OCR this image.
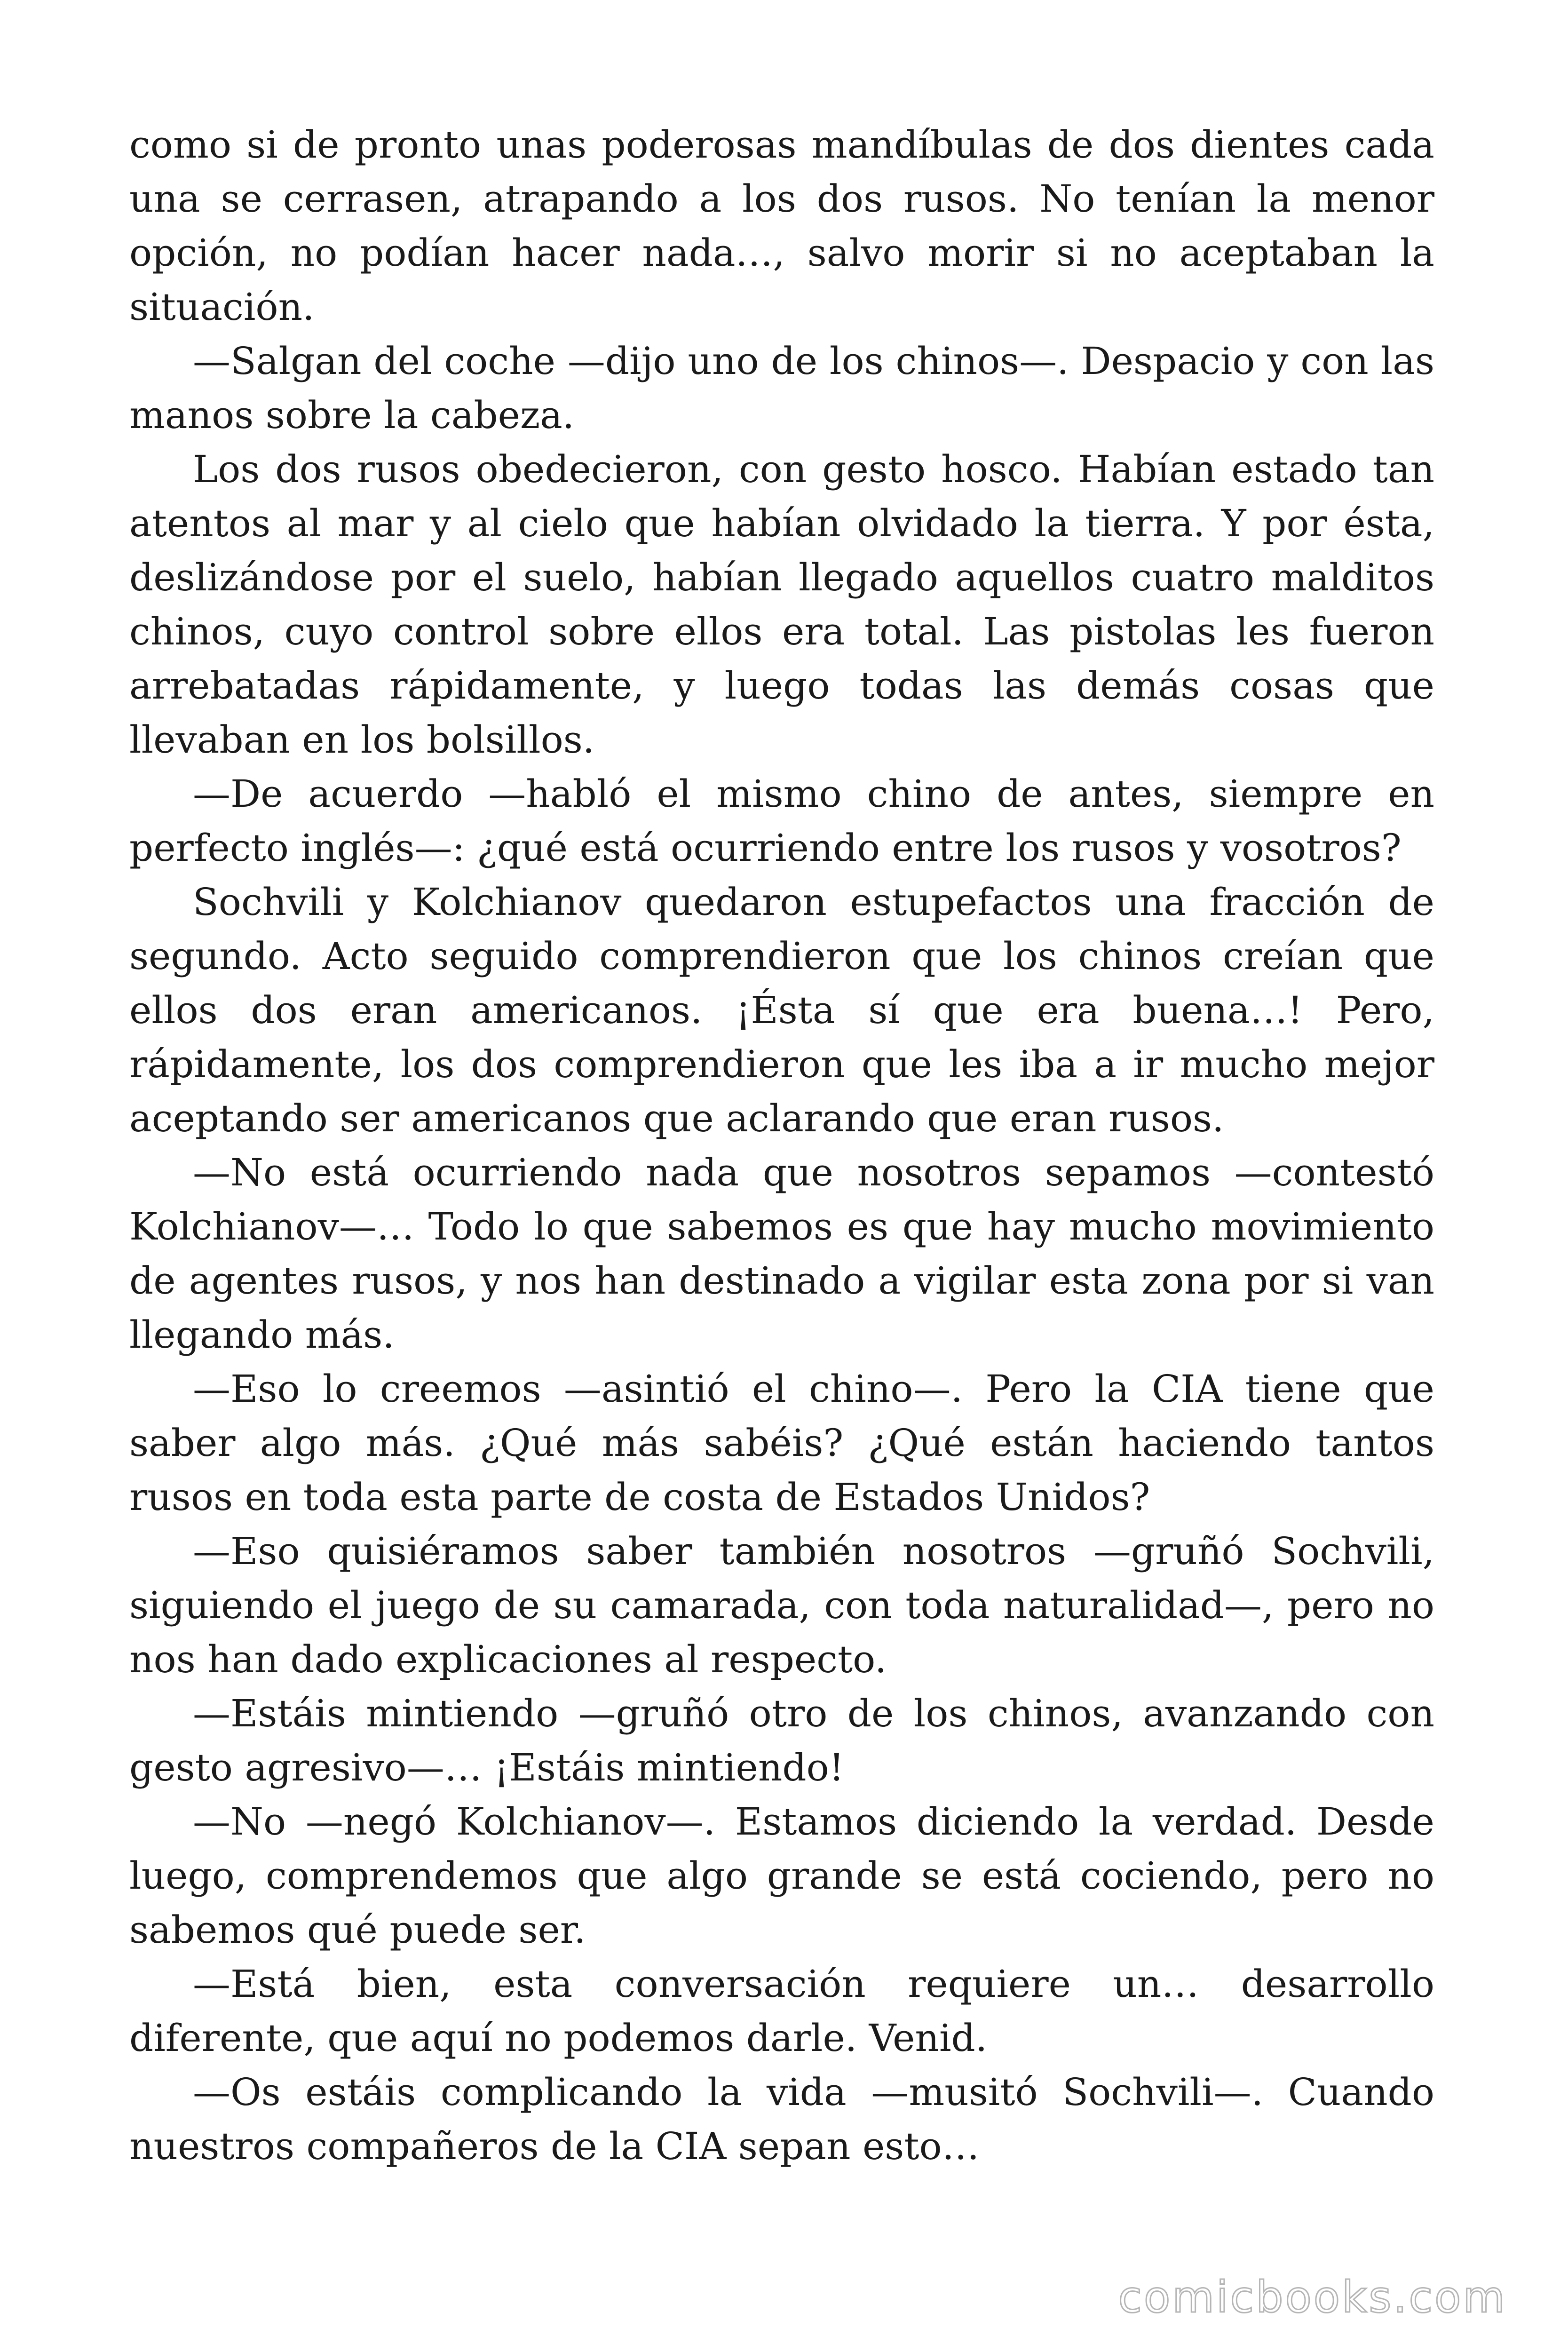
como si de pronto unas poderosas mandíbulas de dos dientes cada una se cerrasen, atrapando a los dos rusos. No tenían la menor opción, no podían hacer nada…, salvo morir si no aceptaban la situación.

—Salgan del coche —dijo uno de los chinos—. Despacio y con las manos sobre la cabeza.

Los dos rusos obedecieron, con gesto hosco. Habían estado tan atentos al mar y al cielo que habían olvidado la tierra. Y por ésta, deslizándose por el suelo, habían llegado aquellos cuatro malditos chinos, cuyo control sobre ellos era total. Las pistolas les fueron arrebatadas rápidamente, y luego todas las demás cosas que llevaban en los bolsillos.

—De acuerdo —habló el mismo chino de antes, siempre en perfecto inglés—: ¿qué está ocurriendo entre los rusos y vosotros?

Sochvili y Kolchianov quedaron estupefactos una fracción de segundo. Acto seguido comprendieron que los chinos creían que ellos dos eran americanos. ¡Ésta sí que era buena…! Pero, rápidamente, los dos comprendieron que les iba a ir mucho mejor aceptando ser americanos que aclarando que eran rusos.

—No está ocurriendo nada que nosotros sepamos —contestó Kolchianov—… Todo lo que sabemos es que hay mucho movimiento de agentes rusos, y nos han destinado a vigilar esta zona por si van llegando más.

—Eso lo creemos —asintió el chino—. Pero la CIA tiene que saber algo más. ¿Qué más sabéis? ¿Qué están haciendo tantos rusos en toda esta parte de costa de Estados Unidos?

—Eso quisiéramos saber también nosotros —gruñó Sochvili, siguiendo el juego de su camarada, con toda naturalidad—, pero no nos han dado explicaciones al respecto.

—Estáis mintiendo —gruñó otro de los chinos, avanzando con gesto agresivo—… ¡Estáis mintiendo!

—No —negó Kolchianov—. Estamos diciendo la verdad. Desde luego, comprendemos que algo grande se está cociendo, pero no sabemos qué puede ser.

—Está bien, esta conversación requiere un… desarrollo diferente, que aquí no podemos darle. Venid.

—Os estáis complicando la vida —musitó Sochvili—. Cuando nuestros compañeros de la CIA sepan esto…

comicbooks.com
